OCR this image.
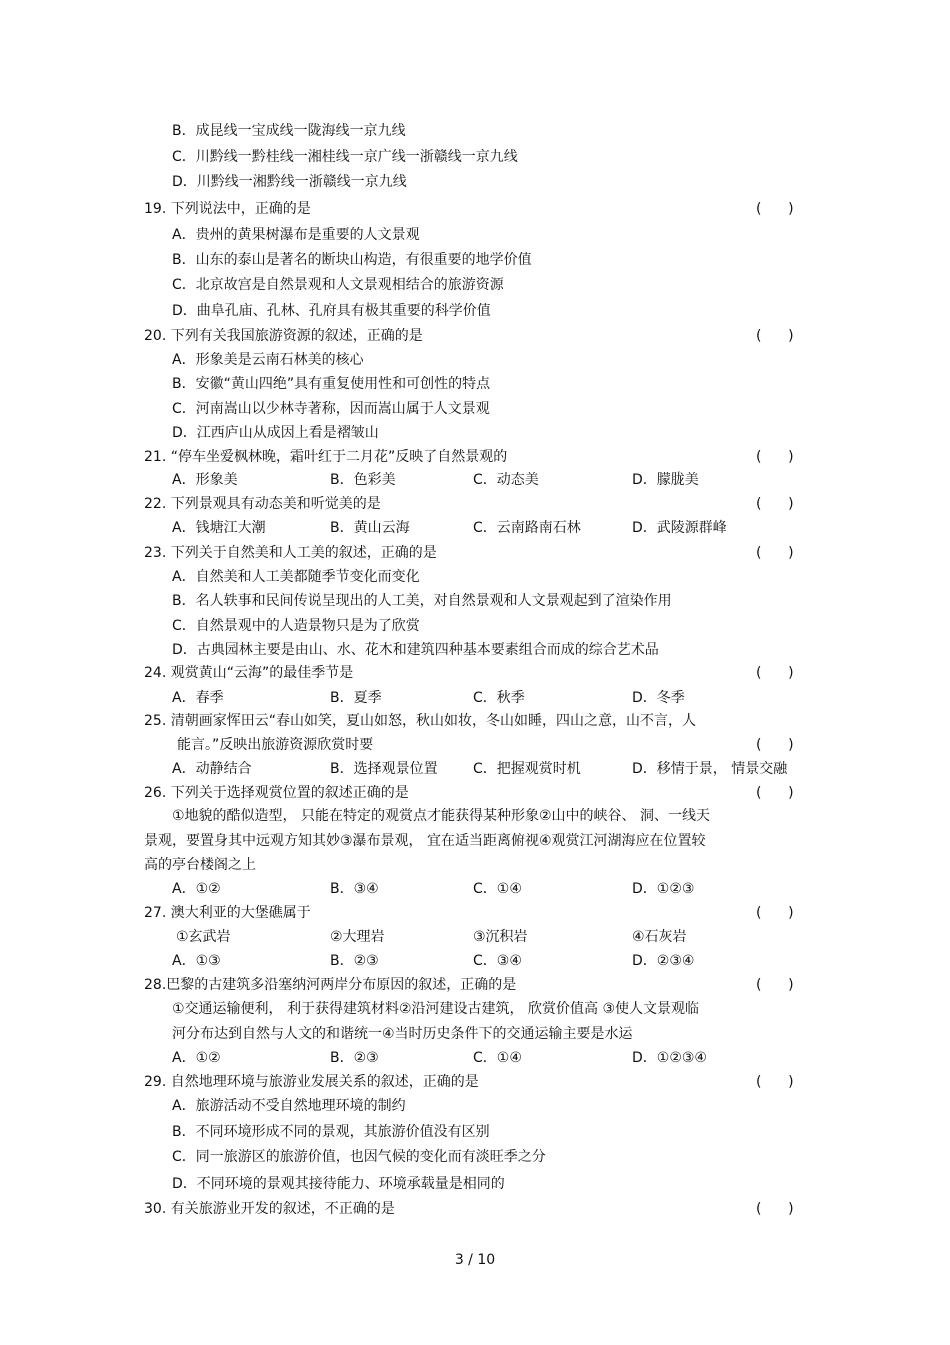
B．成昆线一宝成线一陇海线一京九线
C．川黔线一黔桂线一湘桂线一京广线一浙赣线一京九线
D．川黔线一湘黔线一浙赣线一京九线
19. 下列说法中，正确的是	(      )
A．贵州的黄果树瀑布是重要的人文景观
B．山东的泰山是著名的断块山构造，有很重要的地学价值
C．北京故宫是自然景观和人文景观相结合的旅游资源
D．曲阜孔庙、孔林、孔府具有极其重要的科学价值
20. 下列有关我国旅游资源的叙述，正确的是	(      )
A．形象美是云南石林美的核心
B．安徽“黄山四绝”具有重复使用性和可创性的特点
C．河南嵩山以少林寺著称，因而嵩山属于人文景观
D．江西庐山从成因上看是褶皱山
21. “停车坐爱枫林晚，霜叶红于二月花”反映了自然景观的	(      )
A．形象美	B．色彩美	C．动态美	D．朦胧美
22. 下列景观具有动态美和听觉美的是	(      )
A．钱塘江大潮	B．黄山云海	C．云南路南石林	D．武陵源群峰
23. 下列关于自然美和人工美的叙述，正确的是	(      )
A．自然美和人工美都随季节变化而变化
B．名人轶事和民间传说呈现出的人工美，对自然景观和人文景观起到了渲染作用
C．自然景观中的人造景物只是为了欣赏
D．古典园林主要是由山、水、花木和建筑四种基本要素组合而成的综合艺术品
24. 观赏黄山“云海”的最佳季节是	(      )
A．春季	B．夏季	C．秋季	D．冬季
25. 清朝画家恽田云“春山如笑，夏山如怒，秋山如妆，冬山如睡，四山之意，山不言，人
能言。”反映出旅游资源欣赏时要	(      )
A．动静结合	B．选择观景位置	C．把握观赏时机	D．移情于景， 情景交融
26. 下列关于选择观赏位置的叙述正确的是	(      )
①地貌的酷似造型， 只能在特定的观赏点才能获得某种形象②山中的峡谷、 洞、一线天
景观，要置身其中远观方知其妙③瀑布景观， 宜在适当距离俯视④观赏江河湖海应在位置较
高的亭台楼阁之上
A．①②	B．③④	C．①④	D．①②③
27. 澳大利亚的大堡礁属于	(      )
①玄武岩	②大理岩	③沉积岩	④石灰岩
A．①③	B．②③	C．③④	D．②③④
28.巴黎的古建筑多沿塞纳河两岸分布原因的叙述，正确的是	(      )
①交通运输便利， 利于获得建筑材料②沿河建设古建筑， 欣赏价值高 ③使人文景观临
河分布达到自然与人文的和谐统一④当时历史条件下的交通运输主要是水运
A．①②	B．②③	C．①④	D．①②③④
29. 自然地理环境与旅游业发展关系的叙述，正确的是	(      )
A．旅游活动不受自然地理环境的制约
B．不同环境形成不同的景观，其旅游价值没有区别
C．同一旅游区的旅游价值，也因气候的变化而有淡旺季之分
D．不同环境的景观其接待能力、环境承载量是相同的
30. 有关旅游业开发的叙述，不正确的是	(      )
3 / 10
